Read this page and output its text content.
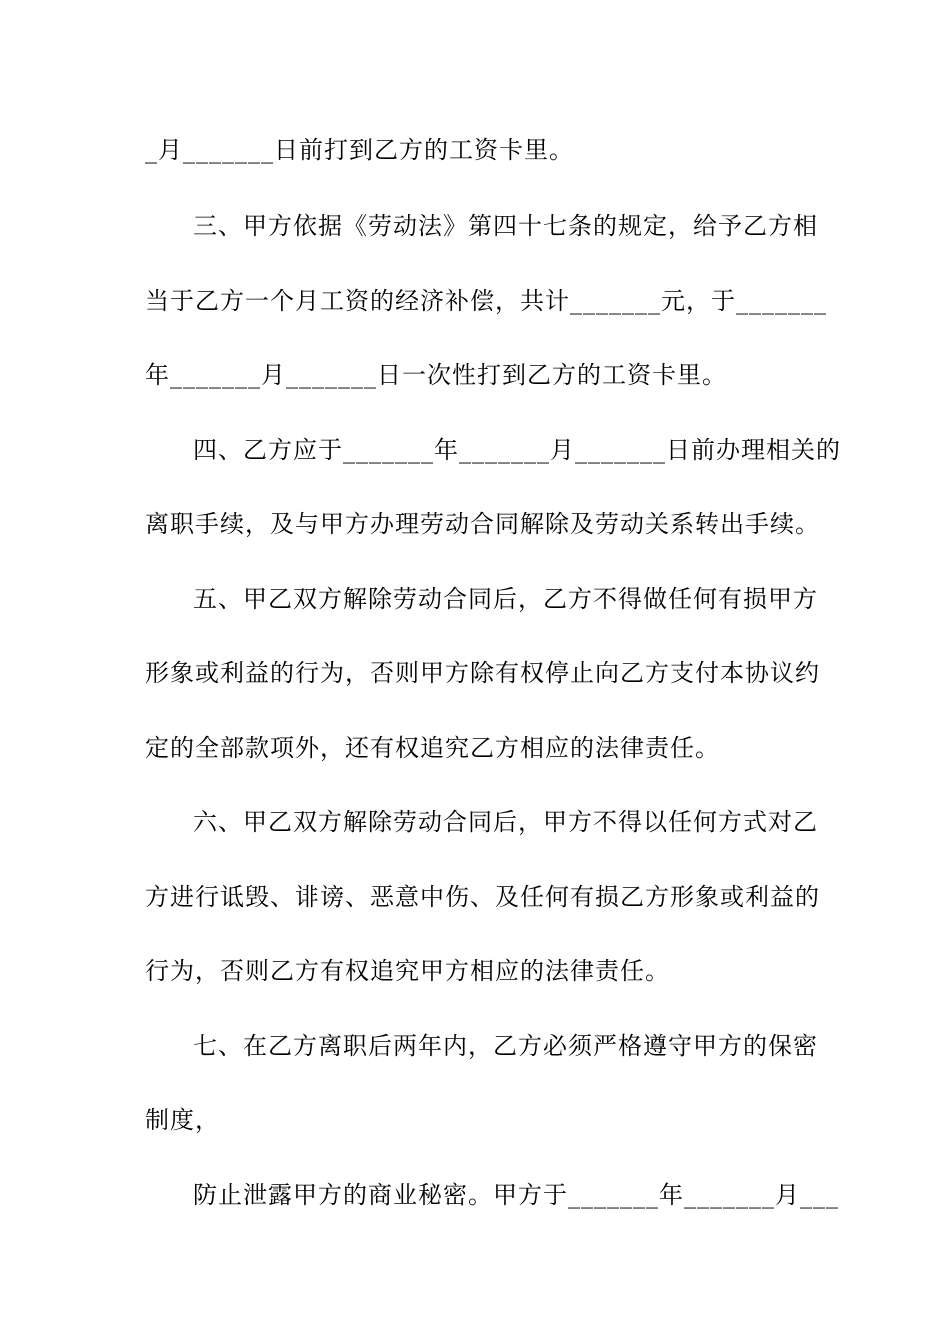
_月_______日前打到乙方的工资卡里。
三、甲方依据《劳动法》第四十七条的规定，给予乙方相
当于乙方一个月工资的经济补偿，共计_______元，于_______
年_______月_______日一次性打到乙方的工资卡里。
四、乙方应于_______年_______月_______日前办理相关的
离职手续，及与甲方办理劳动合同解除及劳动关系转出手续。
五、甲乙双方解除劳动合同后，乙方不得做任何有损甲方
形象或利益的行为，否则甲方除有权停止向乙方支付本协议约
定的全部款项外，还有权追究乙方相应的法律责任。
六、甲乙双方解除劳动合同后，甲方不得以任何方式对乙
方进行诋毁、诽谤、恶意中伤、及任何有损乙方形象或利益的
行为，否则乙方有权追究甲方相应的法律责任。
七、在乙方离职后两年内，乙方必须严格遵守甲方的保密
制度，
防止泄露甲方的商业秘密。甲方于_______年_______月___
